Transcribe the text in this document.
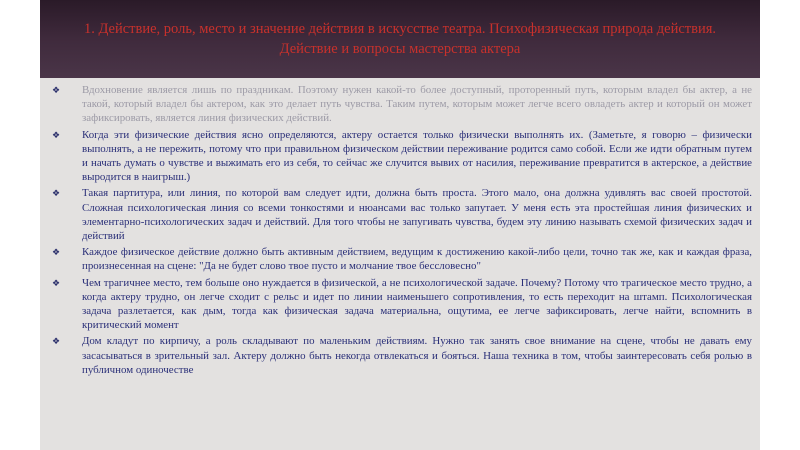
1. Действие, роль, место и значение действия в искусстве театра. Психофизическая природа действия. Действие и вопросы мастерства актера
❖	Вдохновение является лишь по праздникам. Поэтому нужен какой-то более доступный, проторенный путь, которым владел бы актер, а не такой, который владел бы актером, как это делает путь чувства. Таким путем, которым может легче всего овладеть актер и который он может зафиксировать, является линия физических действий.

❖	Когда эти физические действия ясно определяются, актеру остается только физически выполнять их. (Заметьте, я говорю – физически выполнять, а не пережить, потому что при правильном физическом действии переживание родится само собой. Если же идти обратным путем и начать думать о чувстве и выжимать его из себя, то сейчас же случится вывих от насилия, переживание превратится в актерское, а действие выродится в наигрыш.)

❖	Такая партитура, или линия, по которой вам следует идти, должна быть проста. Этого мало, она должна удивлять вас своей простотой. Сложная психологическая линия со всеми тонкостями и нюансами вас только запутает. У меня есть эта простейшая линия физических и элементарно-психологических задач и действий. Для того чтобы не запугивать чувства, будем эту линию называть схемой физических задач и действий

❖	Каждое физическое действие должно быть активным действием, ведущим к достижению какой-либо цели, точно так же, как и каждая фраза, произнесенная на сцене: "Да не будет слово твое пусто и молчание твое бессловесно"

❖	Чем трагичнее место, тем больше оно нуждается в физической, а не психологической задаче. Почему? Потому что трагическое место трудно, а когда актеру трудно, он легче сходит с рельс и идет по линии наименьшего сопротивления, то есть переходит на штамп. Психологическая задача разлетается, как дым, тогда как физическая задача материальна, ощутима, ее легче зафиксировать, легче найти, вспомнить в критический момент

❖	Дом кладут по кирпичу, а роль складывают по маленьким действиям. Нужно так занять свое внимание на сцене, чтобы не давать ему засасываться в зрительный зал. Актеру должно быть некогда отвлекаться и бояться. Наша техника в том, чтобы заинтересовать себя ролью в публичном одиночестве
